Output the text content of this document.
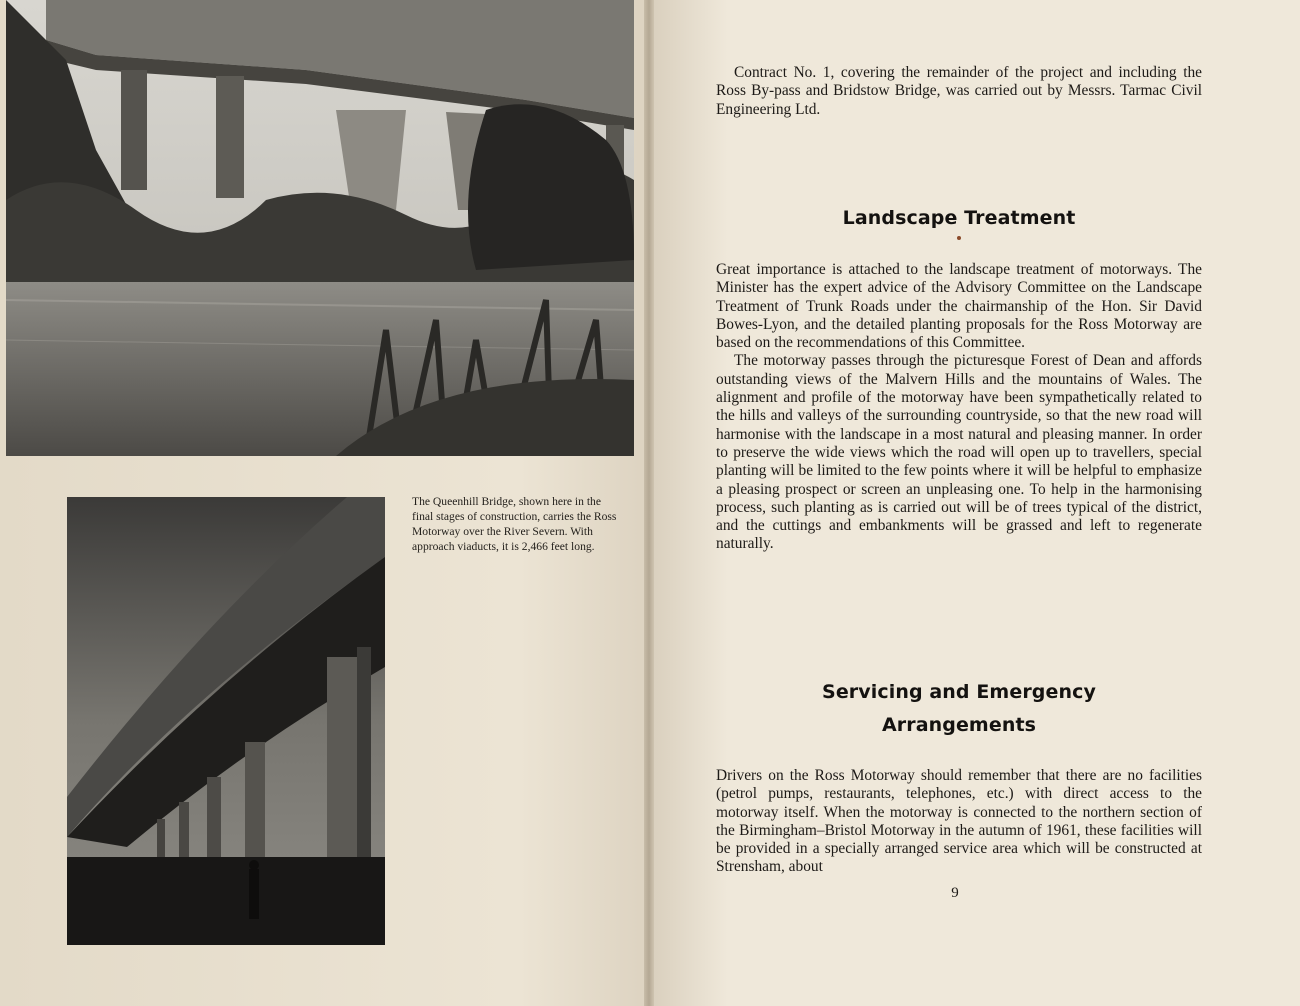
The Queenhill Bridge, shown here in the final stages of construction, carries the Ross Motorway over the River Severn. With approach viaducts, it is 2,466 feet long.

Contract No. 1, covering the remainder of the project and including the Ross By-pass and Bridstow Bridge, was carried out by Messrs. Tarmac Civil Engineering Ltd.

Landscape Treatment

Great importance is attached to the landscape treatment of motorways. The Minister has the expert advice of the Advisory Committee on the Landscape Treatment of Trunk Roads under the chairmanship of the Hon. Sir David Bowes-Lyon, and the detailed planting proposals for the Ross Motorway are based on the recommendations of this Committee.

The motorway passes through the picturesque Forest of Dean and affords outstanding views of the Malvern Hills and the mountains of Wales. The alignment and profile of the motorway have been sympathetically related to the hills and valleys of the surrounding countryside, so that the new road will harmonise with the landscape in a most natural and pleasing manner. In order to preserve the wide views which the road will open up to travellers, special planting will be limited to the few points where it will be helpful to emphasize a pleasing prospect or screen an unpleasing one. To help in the harmonising process, such planting as is carried out will be of trees typical of the district, and the cuttings and embankments will be grassed and left to regenerate naturally.

Servicing and Emergency
Arrangements

Drivers on the Ross Motorway should remember that there are no facilities (petrol pumps, restaurants, telephones, etc.) with direct access to the motorway itself. When the motorway is connected to the northern section of the Birmingham–Bristol Motorway in the autumn of 1961, these facilities will be provided in a specially arranged service area which will be constructed at Strensham, about

9
